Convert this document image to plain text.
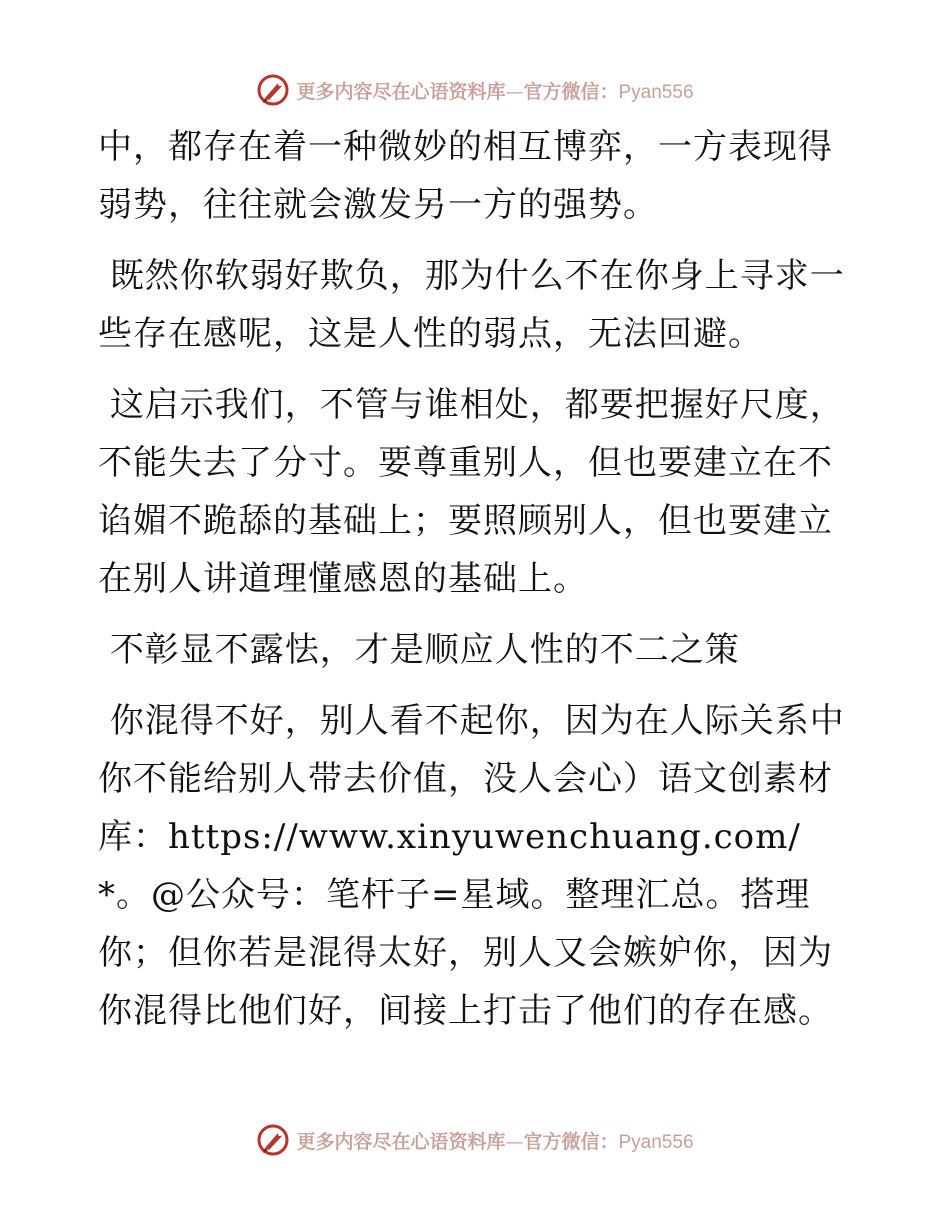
更多内容尽在心语资料库—官方微信：Pyan556

中，都存在着一种微妙的相互博弈，一方表现得弱势，往往就会激发另一方的强势。

既然你软弱好欺负，那为什么不在你身上寻求一些存在感呢，这是人性的弱点，无法回避。

这启示我们，不管与谁相处，都要把握好尺度，不能失去了分寸。要尊重别人，但也要建立在不谄媚不跪舔的基础上；要照顾别人，但也要建立在别人讲道理懂感恩的基础上。

不彰显不露怯，才是顺应人性的不二之策

你混得不好，别人看不起你，因为在人际关系中你不能给别人带去价值，没人会心）语文创素材库：https://www.xinyuwenchuang.com/*。@公众号：笔杆子=星域。整理汇总。搭理你；但你若是混得太好，别人又会嫉妒你，因为你混得比他们好，间接上打击了他们的存在感。

更多内容尽在心语资料库—官方微信：Pyan556
